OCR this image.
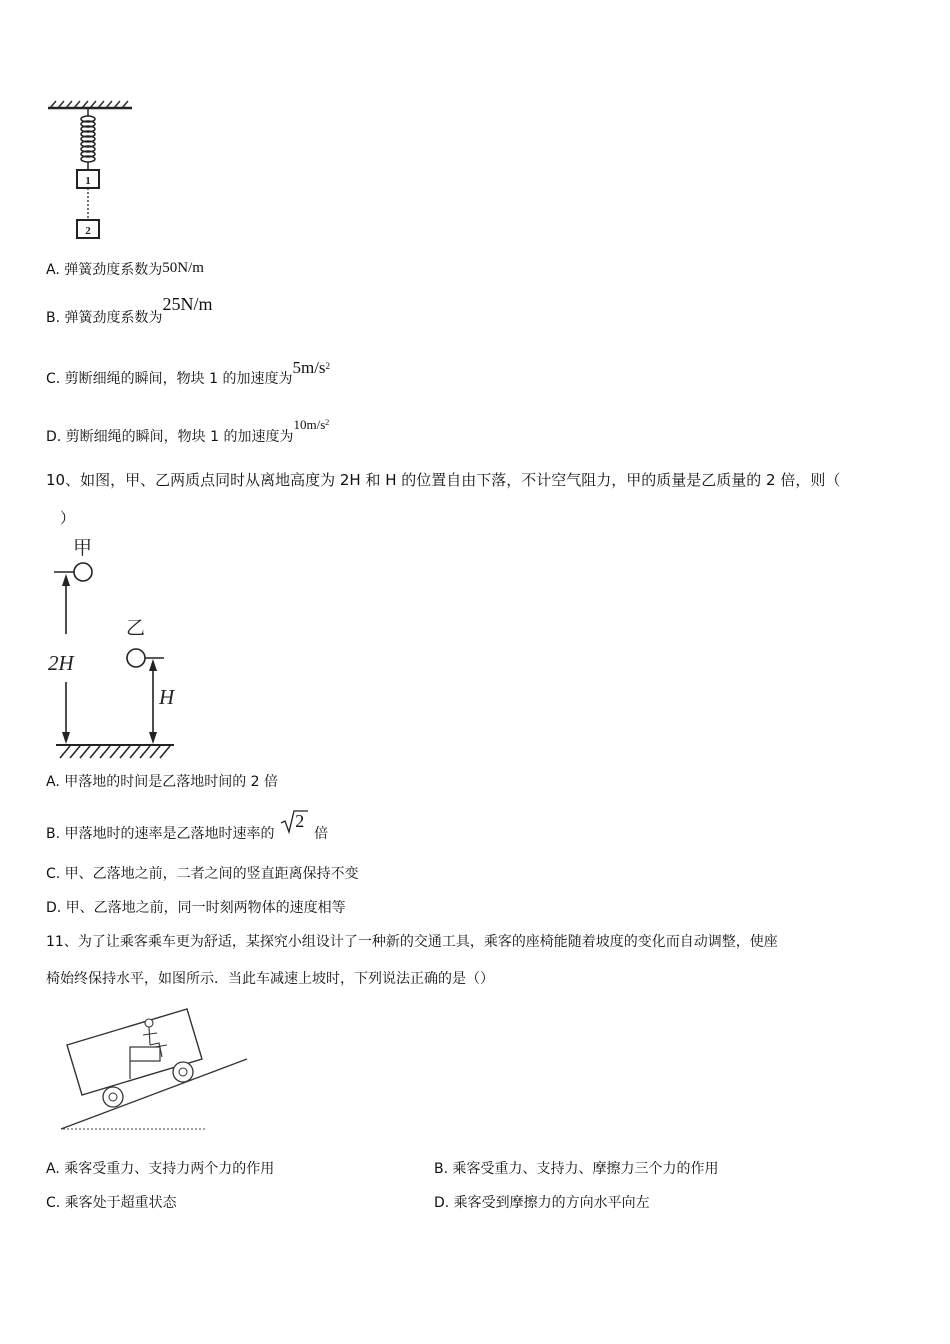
1
2
A. 弹簧劲度系数为50N/m
B. 弹簧劲度系数为25N/m
C. 剪断细绳的瞬间，物块 1 的加速度为$5m/s^2$
D. 剪断细绳的瞬间，物块 1 的加速度为$10m/s^2$
10、如图，甲、乙两质点同时从离地高度为 2H 和 H 的位置自由下落，不计空气阻力，甲的质量是乙质量的 2 倍，则（
）
甲
2H
乙
H
A. 甲落地的时间是乙落地时间的 2 倍
B. 甲落地时的速率是乙落地时速率的
2
倍
C. 甲、乙落地之前，二者之间的竖直距离保持不变
D. 甲、乙落地之前，同一时刻两物体的速度相等
11、为了让乘客乘车更为舒适，某探究小组设计了一种新的交通工具，乘客的座椅能随着坡度的变化而自动调整，使座
椅始终保持水平，如图所示．当此车减速上坡时，下列说法正确的是（）
A. 乘客受重力、支持力两个力的作用	B. 乘客受重力、支持力、摩擦力三个力的作用
C. 乘客处于超重状态	D. 乘客受到摩擦力的方向水平向左
